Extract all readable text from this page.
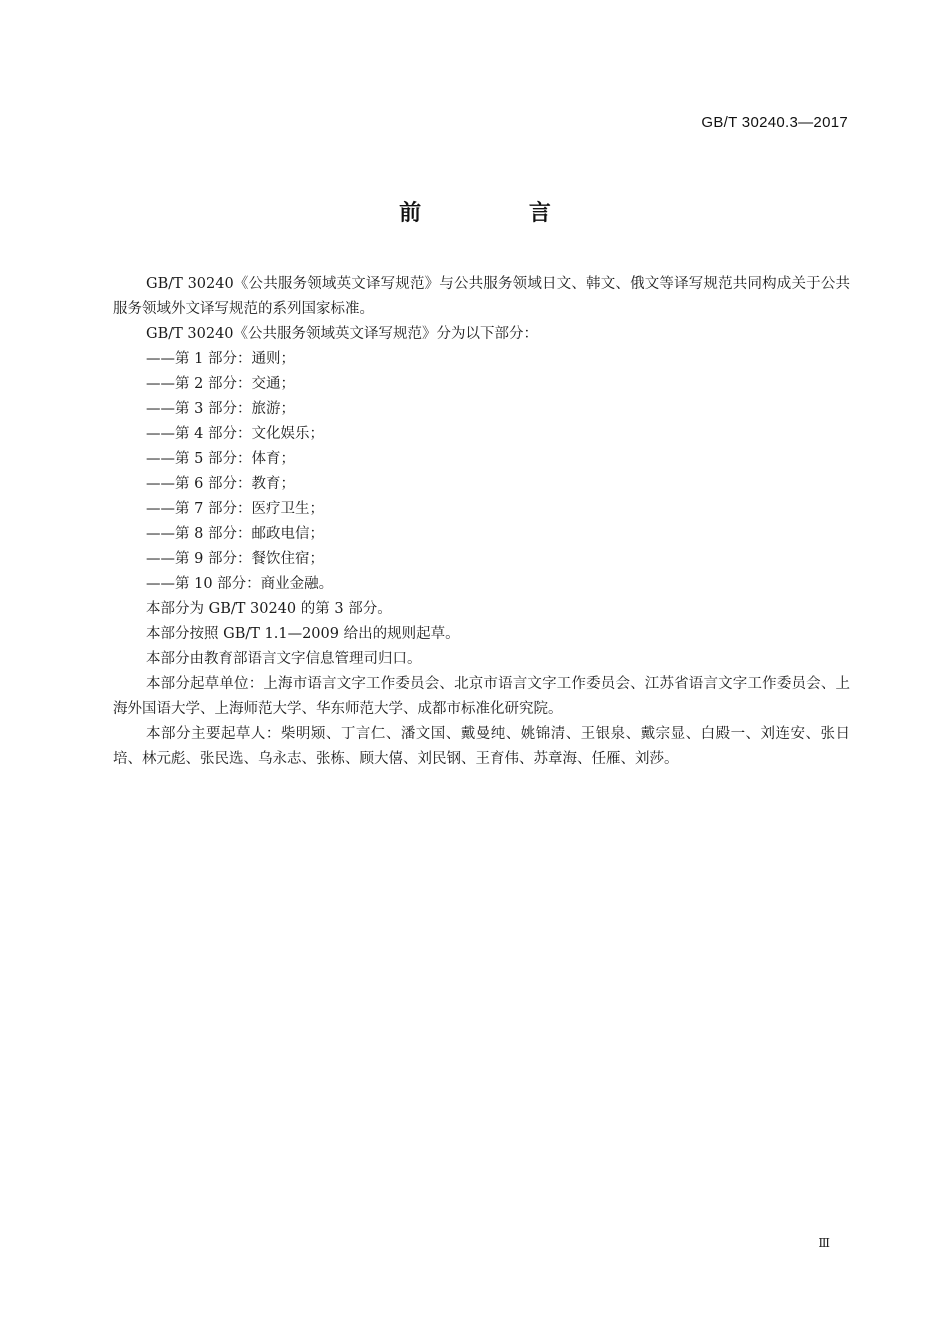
GB/T 30240.3—2017
前 言

GB/T 30240《公共服务领域英文译写规范》与公共服务领域日文、韩文、俄文等译写规范共同构成关于公共服务领域外文译写规范的系列国家标准。

GB/T 30240《公共服务领域英文译写规范》分为以下部分：

——第 1 部分：通则；
——第 2 部分：交通；
——第 3 部分：旅游；
——第 4 部分：文化娱乐；
——第 5 部分：体育；
——第 6 部分：教育；
——第 7 部分：医疗卫生；
——第 8 部分：邮政电信；
——第 9 部分：餐饮住宿；
——第 10 部分：商业金融。

本部分为 GB/T 30240 的第 3 部分。

本部分按照 GB/T 1.1—2009 给出的规则起草。

本部分由教育部语言文字信息管理司归口。

本部分起草单位：上海市语言文字工作委员会、北京市语言文字工作委员会、江苏省语言文字工作委员会、上海外国语大学、上海师范大学、华东师范大学、成都市标准化研究院。

本部分主要起草人：柴明颎、丁言仁、潘文国、戴曼纯、姚锦清、王银泉、戴宗显、白殿一、刘连安、张日培、林元彪、张民选、乌永志、张栋、顾大僖、刘民钢、王育伟、苏章海、任雁、刘莎。

Ⅲ
